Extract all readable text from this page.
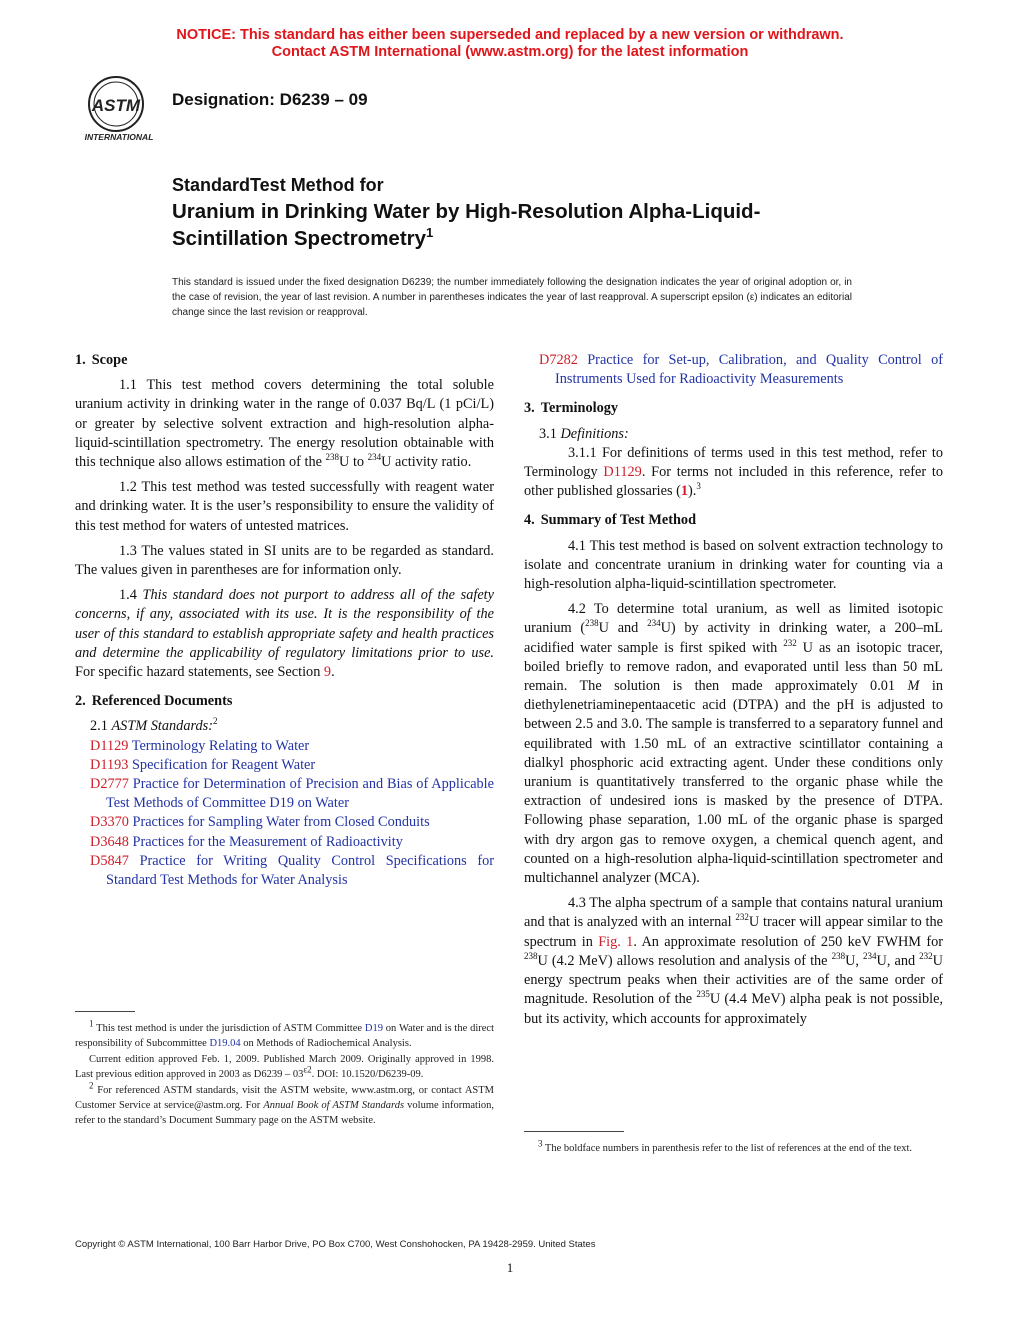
NOTICE: This standard has either been superseded and replaced by a new version or withdrawn.
Contact ASTM International (www.astm.org) for the latest information
ASTM
INTERNATIONAL
Designation: D6239 – 09
StandardTest Method for
Uranium in Drinking Water by High-Resolution Alpha-Liquid-Scintillation Spectrometry$^1$
This standard is issued under the fixed designation D6239; the number immediately following the designation indicates the year of original adoption or, in the case of revision, the year of last revision. A number in parentheses indicates the year of last reapproval. A superscript epsilon (ε) indicates an editorial change since the last revision or reapproval.
1. Scope

1.1 This test method covers determining the total soluble uranium activity in drinking water in the range of 0.037 Bq/L (1 pCi/L) or greater by selective solvent extraction and high-resolution alpha-liquid-scintillation spectrometry. The energy resolution obtainable with this technique also allows estimation of the $^{238}$U to $^{234}$U activity ratio.

1.2 This test method was tested successfully with reagent water and drinking water. It is the user’s responsibility to ensure the validity of this test method for waters of untested matrices.

1.3 The values stated in SI units are to be regarded as standard. The values given in parentheses are for information only.

1.4 This standard does not purport to address all of the safety concerns, if any, associated with its use. It is the responsibility of the user of this standard to establish appropriate safety and health practices and determine the applicability of regulatory limitations prior to use. For specific hazard statements, see Section 9.

2. Referenced Documents

2.1 ASTM Standards:$^2$

D1129 Terminology Relating to Water
D1193 Specification for Reagent Water
D2777 Practice for Determination of Precision and Bias of Applicable Test Methods of Committee D19 on Water
D3370 Practices for Sampling Water from Closed Conduits
D3648 Practices for the Measurement of Radioactivity
D5847 Practice for Writing Quality Control Specifications for Standard Test Methods for Water Analysis
D7282 Practice for Set-up, Calibration, and Quality Control of Instruments Used for Radioactivity Measurements
3. Terminology

3.1 Definitions:

3.1.1 For definitions of terms used in this test method, refer to Terminology D1129. For terms not included in this reference, refer to other published glossaries (1).$^3$

4. Summary of Test Method

4.1 This test method is based on solvent extraction technology to isolate and concentrate uranium in drinking water for counting via a high-resolution alpha-liquid-scintillation spectrometer.

4.2 To determine total uranium, as well as limited isotopic uranium ($^{238}$U and $^{234}$U) by activity in drinking water, a 200–mL acidified water sample is first spiked with $^{232}$ U as an isotopic tracer, boiled briefly to remove radon, and evaporated until less than 50 mL remain. The solution is then made approximately 0.01 M in diethylenetriaminepentaacetic acid (DTPA) and the pH is adjusted to between 2.5 and 3.0. The sample is transferred to a separatory funnel and equilibrated with 1.50 mL of an extractive scintillator containing a dialkyl phosphoric acid extracting agent. Under these conditions only uranium is quantitatively transferred to the organic phase while the extraction of undesired ions is masked by the presence of DTPA. Following phase separation, 1.00 mL of the organic phase is sparged with dry argon gas to remove oxygen, a chemical quench agent, and counted on a high-resolution alpha-liquid-scintillation spectrometer and multichannel analyzer (MCA).

4.3 The alpha spectrum of a sample that contains natural uranium and that is analyzed with an internal $^{232}$U tracer will appear similar to the spectrum in Fig. 1. An approximate resolution of 250 keV FWHM for $^{238}$U (4.2 MeV) allows resolution and analysis of the $^{238}$U, $^{234}$U, and $^{232}$U energy spectrum peaks when their activities are of the same order of magnitude. Resolution of the $^{235}$U (4.4 MeV) alpha peak is not possible, but its activity, which accounts for approximately

$^1$ This test method is under the jurisdiction of ASTM Committee D19 on Water and is the direct responsibility of Subcommittee D19.04 on Methods of Radiochemical Analysis.

Current edition approved Feb. 1, 2009. Published March 2009. Originally approved in 1998. Last previous edition approved in 2003 as $D6239 - 03^{\varepsilon 2}$. DOI: 10.1520/D6239-09.

$^2$ For referenced ASTM standards, visit the ASTM website, www.astm.org, or contact ASTM Customer Service at service@astm.org. For Annual Book of ASTM Standards volume information, refer to the standard’s Document Summary page on the ASTM website.

$^3$ The boldface numbers in parenthesis refer to the list of references at the end of the text.

Copyright © ASTM International, 100 Barr Harbor Drive, PO Box C700, West Conshohocken, PA 19428-2959. United States
1
